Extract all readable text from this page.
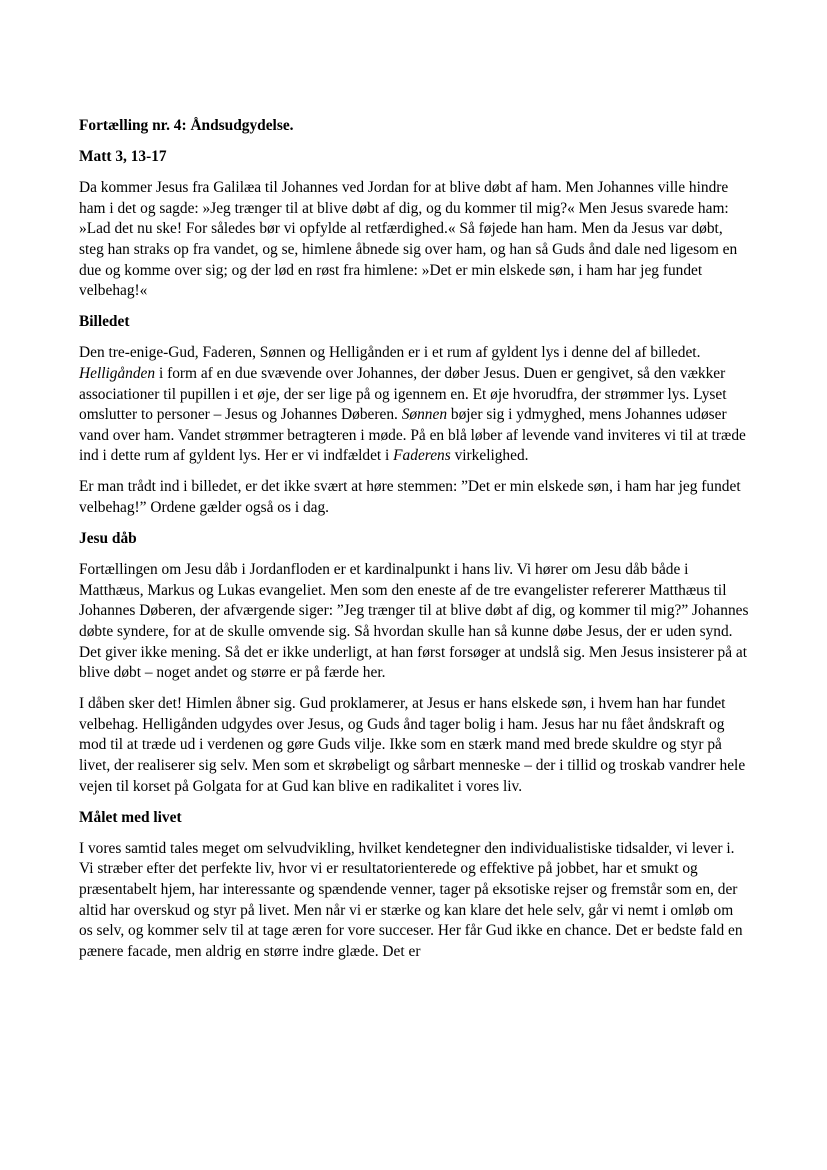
Fortælling nr. 4: Åndsudgydelse.

Matt 3, 13-17

Da kommer Jesus fra Galilæa til Johannes ved Jordan for at blive døbt af ham. Men Johannes ville hindre ham i det og sagde: »Jeg trænger til at blive døbt af dig, og du kommer til mig?« Men Jesus svarede ham: »Lad det nu ske! For således bør vi opfylde al retfærdighed.« Så føjede han ham. Men da Jesus var døbt, steg han straks op fra vandet, og se, himlene åbnede sig over ham, og han så Guds ånd dale ned ligesom en due og komme over sig; og der lød en røst fra himlene: »Det er min elskede søn, i ham har jeg fundet velbehag!«

Billedet

Den tre-enige-Gud, Faderen, Sønnen og Helligånden er i et rum af gyldent lys i denne del af billedet. Helligånden i form af en due svævende over Johannes, der døber Jesus. Duen er gengivet, så den vækker associationer til pupillen i et øje, der ser lige på og igennem en. Et øje hvorudfra, der strømmer lys. Lyset omslutter to personer – Jesus og Johannes Døberen. Sønnen bøjer sig i ydmyghed, mens Johannes udøser vand over ham. Vandet strømmer betragteren i møde. På en blå løber af levende vand inviteres vi til at træde ind i dette rum af gyldent lys. Her er vi indfældet i Faderens virkelighed.

Er man trådt ind i billedet, er det ikke svært at høre stemmen: ”Det er min elskede søn, i ham har jeg fundet velbehag!” Ordene gælder også os i dag.

Jesu dåb

Fortællingen om Jesu dåb i Jordanfloden er et kardinalpunkt i hans liv. Vi hører om Jesu dåb både i Matthæus, Markus og Lukas evangeliet. Men som den eneste af de tre evangelister refererer Matthæus til Johannes Døberen, der afværgende siger: ”Jeg trænger til at blive døbt af dig, og kommer til mig?” Johannes døbte syndere, for at de skulle omvende sig. Så hvordan skulle han så kunne døbe Jesus, der er uden synd. Det giver ikke mening. Så det er ikke underligt, at han først forsøger at undslå sig. Men Jesus insisterer på at blive døbt – noget andet og større er på færde her.

I dåben sker det! Himlen åbner sig. Gud proklamerer, at Jesus er hans elskede søn, i hvem han har fundet velbehag. Helligånden udgydes over Jesus, og Guds ånd tager bolig i ham. Jesus har nu fået åndskraft og mod til at træde ud i verdenen og gøre Guds vilje. Ikke som en stærk mand med brede skuldre og styr på livet, der realiserer sig selv. Men som et skrøbeligt og sårbart menneske – der i tillid og troskab vandrer hele vejen til korset på Golgata for at Gud kan blive en radikalitet i vores liv.

Målet med livet

I vores samtid tales meget om selvudvikling, hvilket kendetegner den individualistiske tidsalder, vi lever i. Vi stræber efter det perfekte liv, hvor vi er resultatorienterede og effektive på jobbet, har et smukt og præsentabelt hjem, har interessante og spændende venner, tager på eksotiske rejser og fremstår som en, der altid har overskud og styr på livet. Men når vi er stærke og kan klare det hele selv, går vi nemt i omløb om os selv, og kommer selv til at tage æren for vore succeser. Her får Gud ikke en chance. Det er bedste fald en pænere facade, men aldrig en større indre glæde. Det er
